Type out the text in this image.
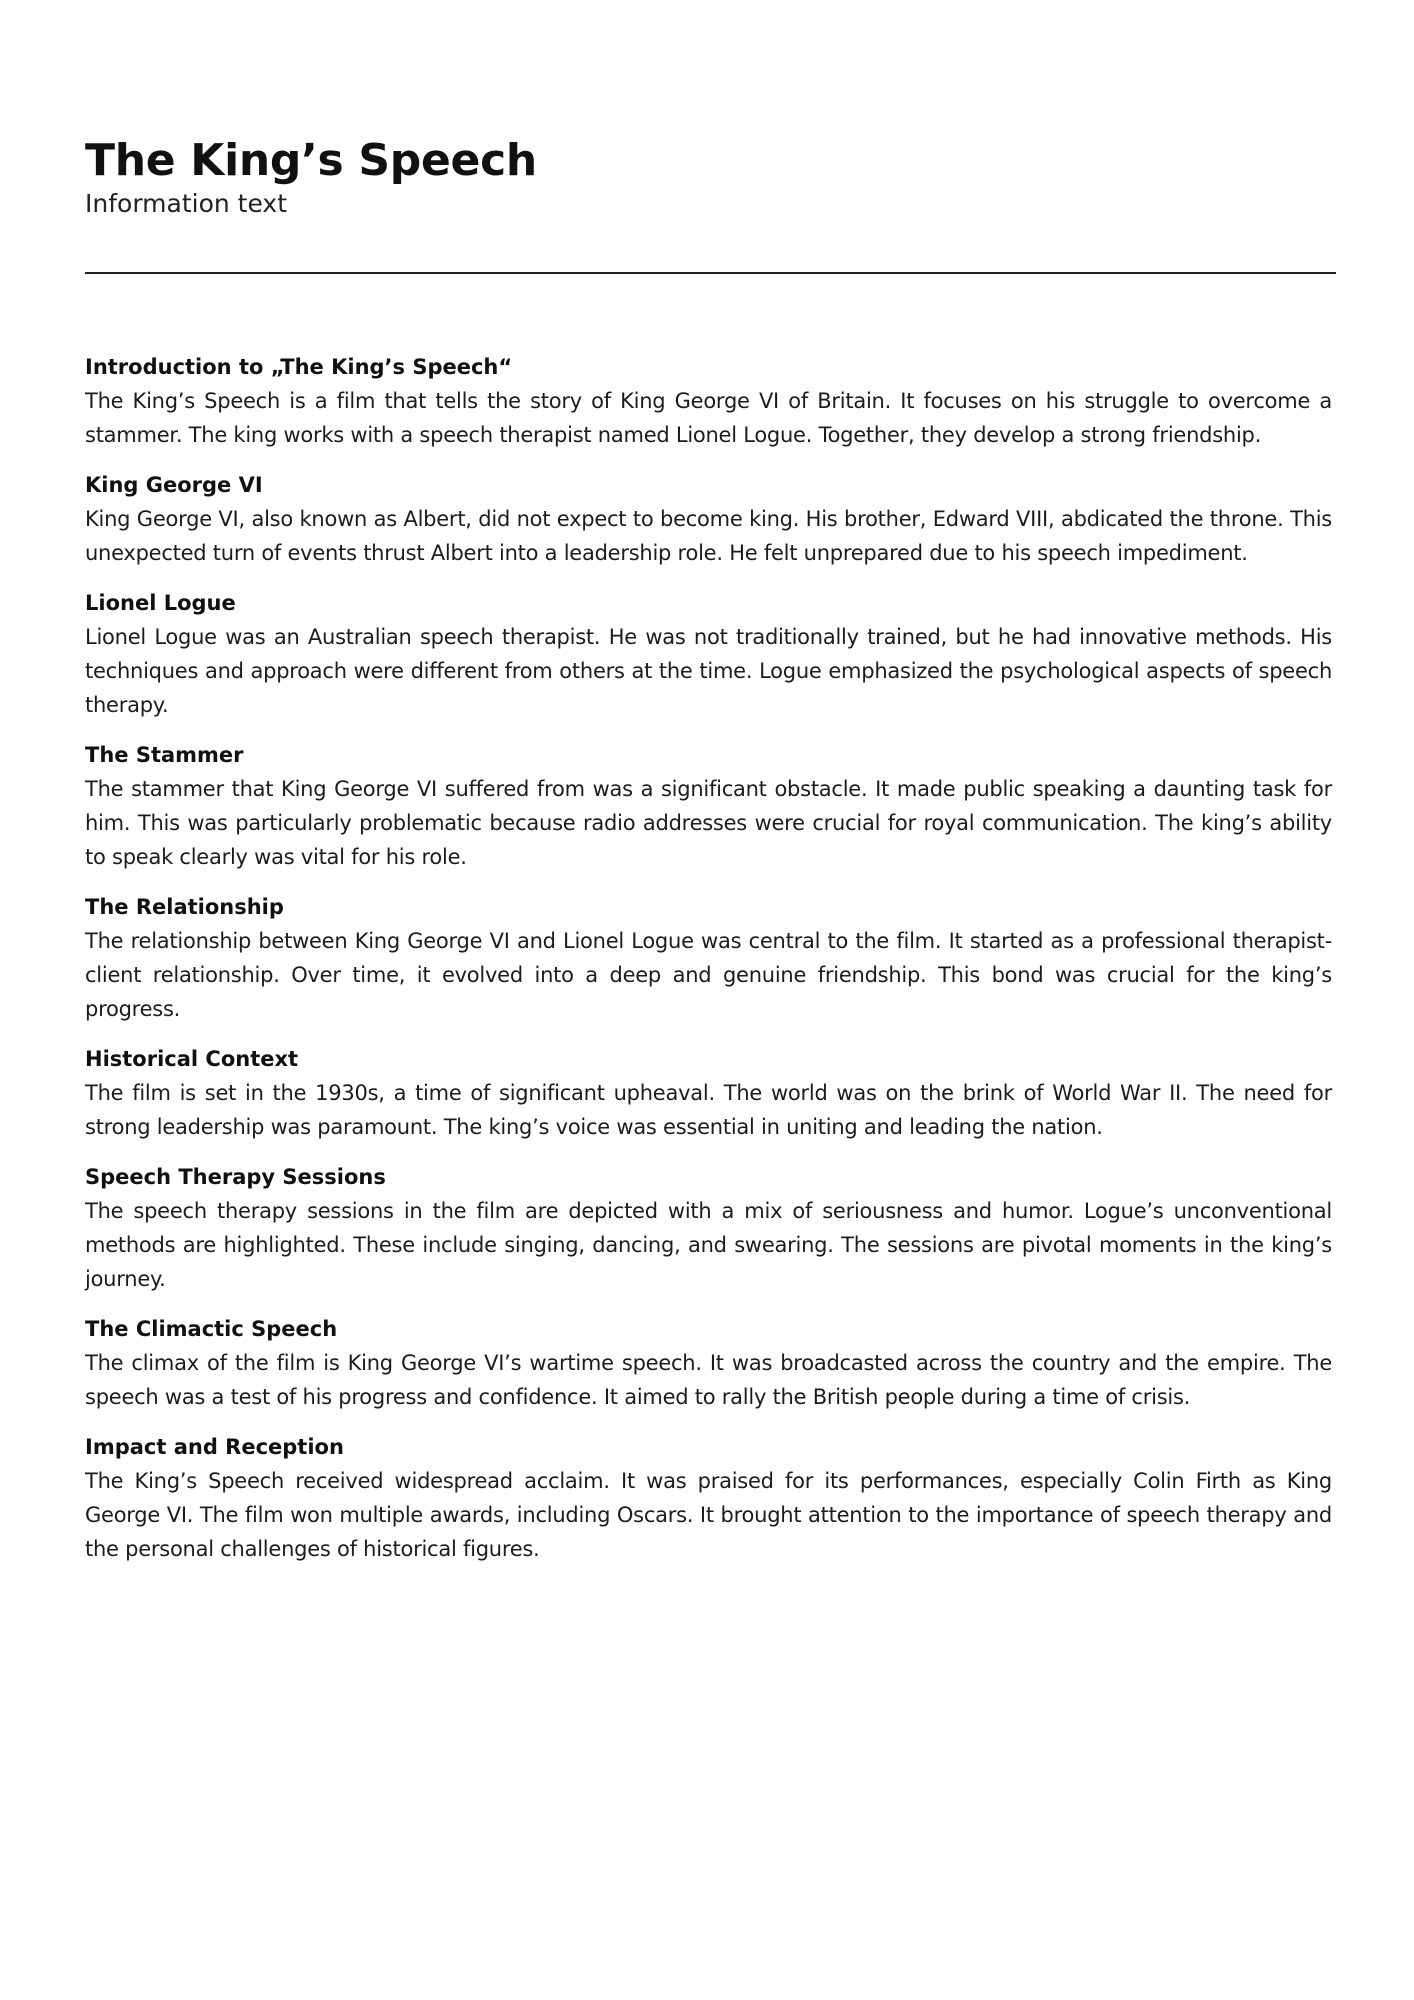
The King’s Speech
Information text
Introduction to „The King’s Speech“

The King’s Speech is a film that tells the story of King George VI of Britain. It focuses on his struggle to overcome a stammer. The king works with a speech therapist named Lionel Logue. Together, they develop a strong friendship.

King George VI

King George VI, also known as Albert, did not expect to become king. His brother, Edward VIII, abdicated the throne. This unexpected turn of events thrust Albert into a leadership role. He felt unprepared due to his speech impediment.

Lionel Logue

Lionel Logue was an Australian speech therapist. He was not traditionally trained, but he had innovative methods. His techniques and approach were different from others at the time. Logue emphasized the psychological aspects of speech therapy.

The Stammer

The stammer that King George VI suffered from was a significant obstacle. It made public speaking a daunting task for him. This was particularly problematic because radio addresses were crucial for royal communication. The king’s ability to speak clearly was vital for his role.

The Relationship

The relationship between King George VI and Lionel Logue was central to the film. It started as a professional therapist-client relationship. Over time, it evolved into a deep and genuine friendship. This bond was crucial for the king’s progress.

Historical Context

The film is set in the 1930s, a time of significant upheaval. The world was on the brink of World War II. The need for strong leadership was paramount. The king’s voice was essential in uniting and leading the nation.

Speech Therapy Sessions

The speech therapy sessions in the film are depicted with a mix of seriousness and humor. Logue’s unconventional methods are highlighted. These include singing, dancing, and swearing. The sessions are pivotal moments in the king’s journey.

The Climactic Speech

The climax of the film is King George VI’s wartime speech. It was broadcasted across the country and the empire. The speech was a test of his progress and confidence. It aimed to rally the British people during a time of crisis.

Impact and Reception

The King’s Speech received widespread acclaim. It was praised for its performances, especially Colin Firth as King George VI. The film won multiple awards, including Oscars. It brought attention to the importance of speech therapy and the personal challenges of historical figures.
